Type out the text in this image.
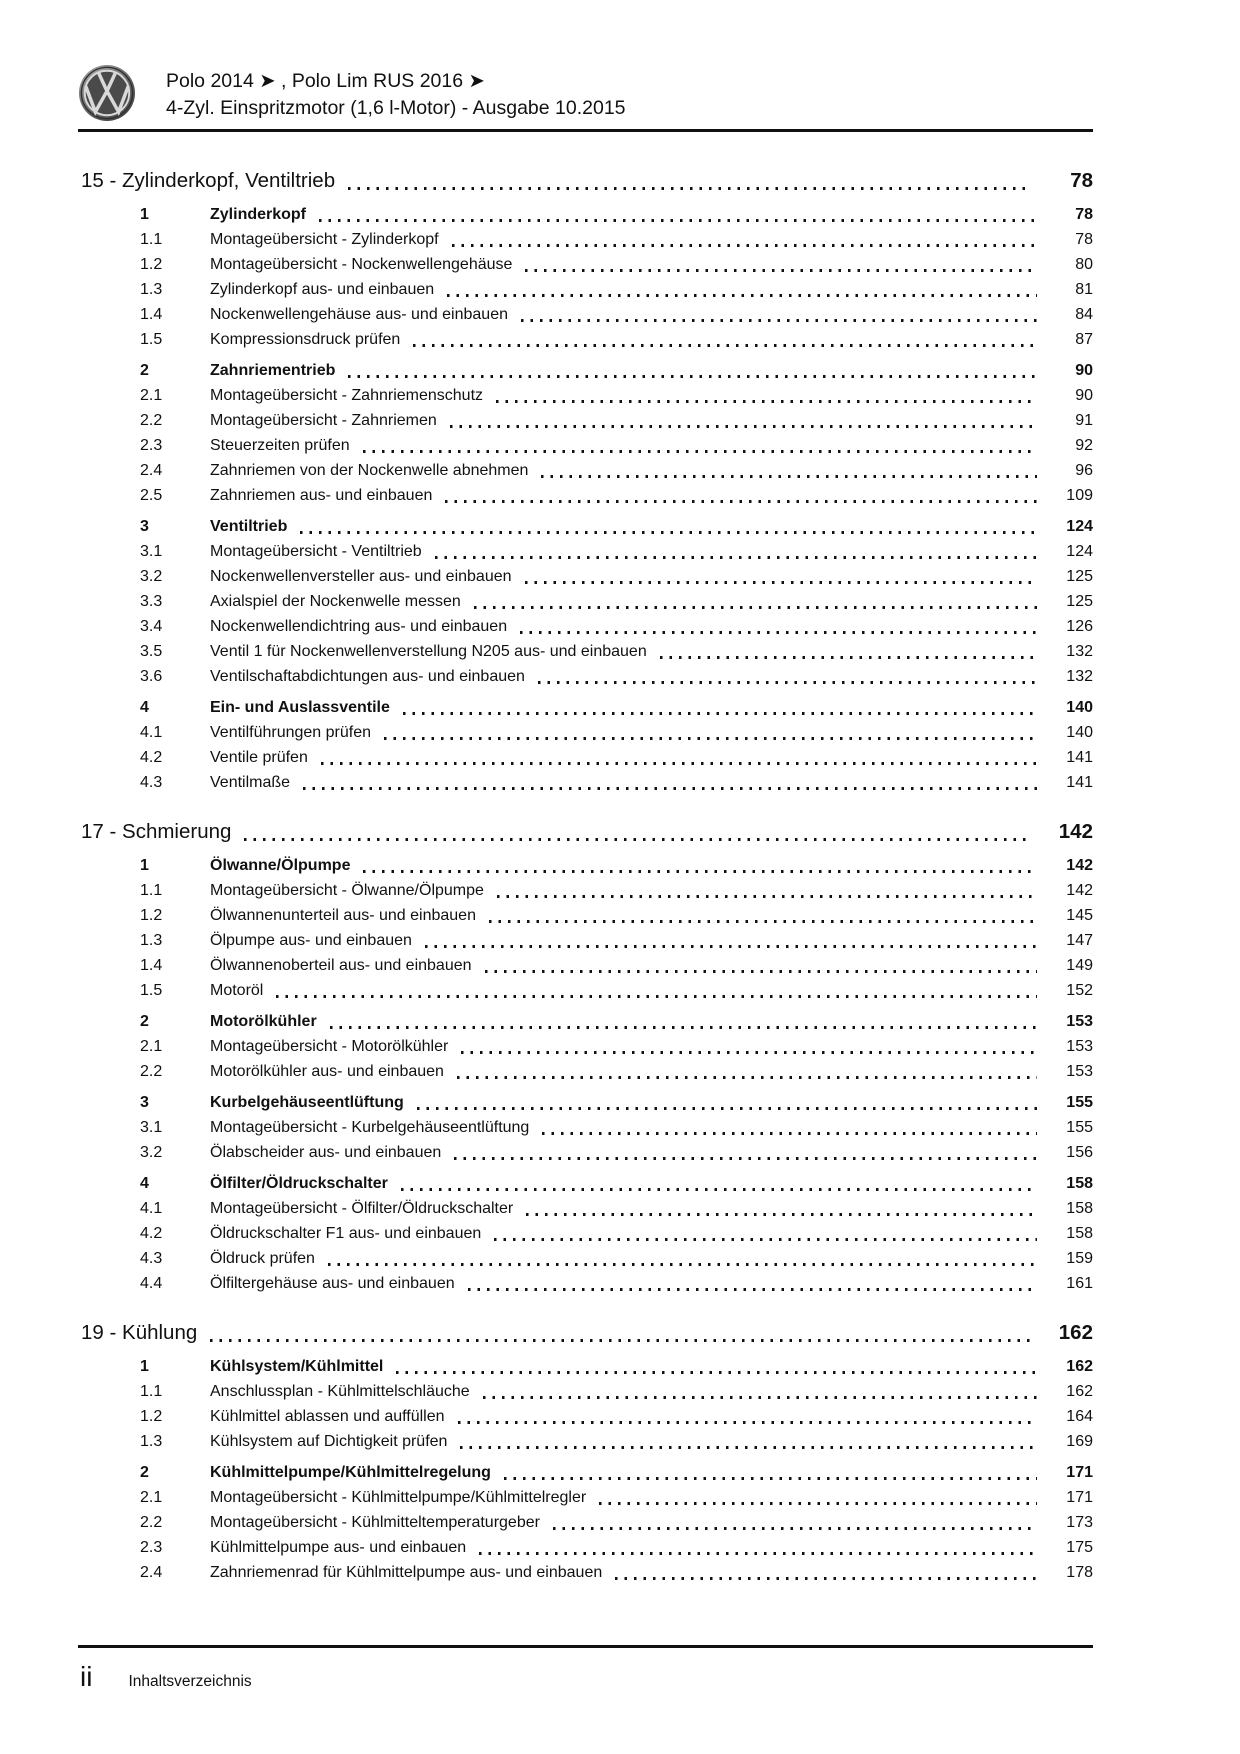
Polo 2014 ➤ , Polo Lim RUS 2016 ➤
4-Zyl. Einspritzmotor (1,6 l-Motor) - Ausgabe 10.2015
15 - Zylinderkopf, Ventiltrieb	78
1	Zylinderkopf	78
1.1	Montageübersicht - Zylinderkopf	78
1.2	Montageübersicht - Nockenwellengehäuse	80
1.3	Zylinderkopf aus- und einbauen	81
1.4	Nockenwellengehäuse aus- und einbauen	84
1.5	Kompressionsdruck prüfen	87
2	Zahnriementrieb	90
2.1	Montageübersicht - Zahnriemenschutz	90
2.2	Montageübersicht - Zahnriemen	91
2.3	Steuerzeiten prüfen	92
2.4	Zahnriemen von der Nockenwelle abnehmen	96
2.5	Zahnriemen aus- und einbauen	109
3	Ventiltrieb	124
3.1	Montageübersicht - Ventiltrieb	124
3.2	Nockenwellenversteller aus- und einbauen	125
3.3	Axialspiel der Nockenwelle messen	125
3.4	Nockenwellendichtring aus- und einbauen	126
3.5	Ventil 1 für Nockenwellenverstellung N205 aus- und einbauen	132
3.6	Ventilschaftabdichtungen aus- und einbauen	132
4	Ein- und Auslassventile	140
4.1	Ventilführungen prüfen	140
4.2	Ventile prüfen	141
4.3	Ventilmaße	141
17 - Schmierung	142
1	Ölwanne/Ölpumpe	142
1.1	Montageübersicht - Ölwanne/Ölpumpe	142
1.2	Ölwannenunterteil aus- und einbauen	145
1.3	Ölpumpe aus- und einbauen	147
1.4	Ölwannenoberteil aus- und einbauen	149
1.5	Motoröl	152
2	Motorölkühler	153
2.1	Montageübersicht - Motorölkühler	153
2.2	Motorölkühler aus- und einbauen	153
3	Kurbelgehäuseentlüftung	155
3.1	Montageübersicht - Kurbelgehäuseentlüftung	155
3.2	Ölabscheider aus- und einbauen	156
4	Ölfilter/Öldruckschalter	158
4.1	Montageübersicht - Ölfilter/Öldruckschalter	158
4.2	Öldruckschalter F1 aus- und einbauen	158
4.3	Öldruck prüfen	159
4.4	Ölfiltergehäuse aus- und einbauen	161
19 - Kühlung	162
1	Kühlsystem/Kühlmittel	162
1.1	Anschlussplan - Kühlmittelschläuche	162
1.2	Kühlmittel ablassen und auffüllen	164
1.3	Kühlsystem auf Dichtigkeit prüfen	169
2	Kühlmittelpumpe/Kühlmittelregelung	171
2.1	Montageübersicht - Kühlmittelpumpe/Kühlmittelregler	171
2.2	Montageübersicht - Kühlmitteltemperaturgeber	173
2.3	Kühlmittelpumpe aus- und einbauen	175
2.4	Zahnriemenrad für Kühlmittelpumpe aus- und einbauen	178
ii Inhaltsverzeichnis
